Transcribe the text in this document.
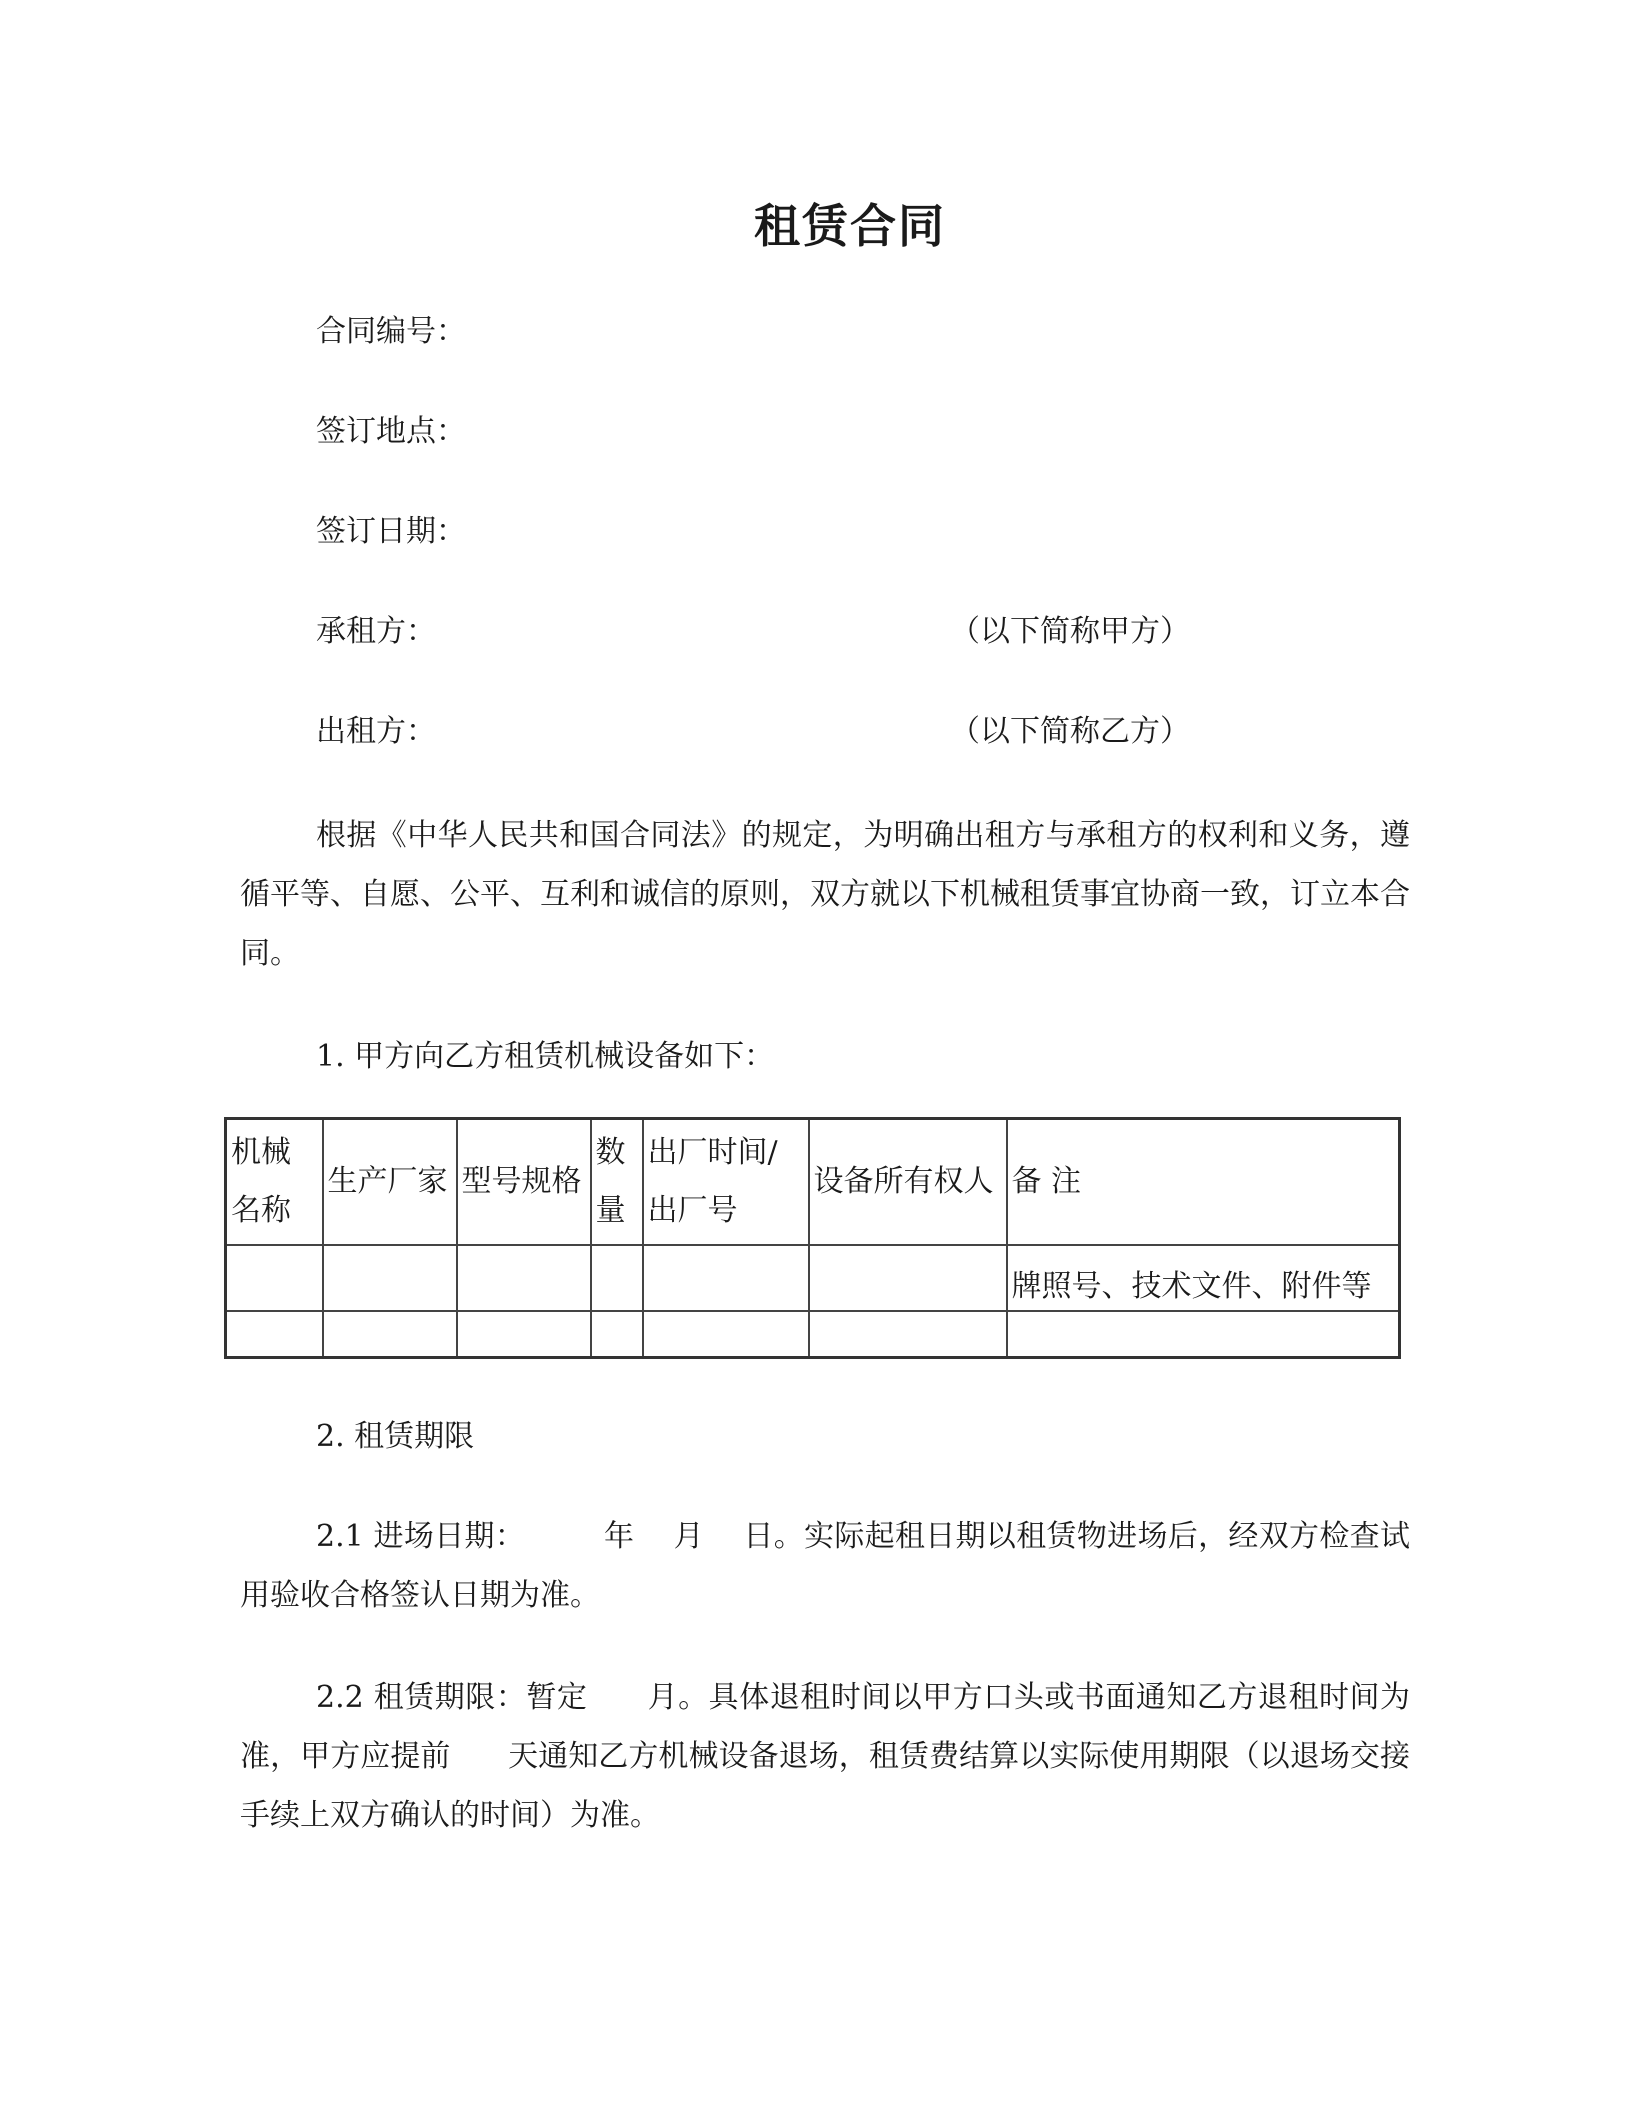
租赁合同
合同编号：
签订地点：
签订日期：
承租方：	（以下简称甲方）
出租方：	（以下简称乙方）
根据《中华人民共和国合同法》的规定，为明确出租方与承租方的权利和义务，遵循平等、自愿、公平、互利和诚信的原则，双方就以下机械租赁事宜协商一致，订立本合同。
1. 甲方向乙方租赁机械设备如下：
机械名称	生产厂家	型号规格	数量	出厂时间/出厂号	设备所有权人	备 注

						牌照号、技术文件、附件等

2. 租赁期限
2.1 进场日期：        年    月    日。实际起租日期以租赁物进场后，经双方检查试用验收合格签认日期为准。
2.2 租赁期限：暂定      月。具体退租时间以甲方口头或书面通知乙方退租时间为准，甲方应提前      天通知乙方机械设备退场，租赁费结算以实际使用期限（以退场交接手续上双方确认的时间）为准。
